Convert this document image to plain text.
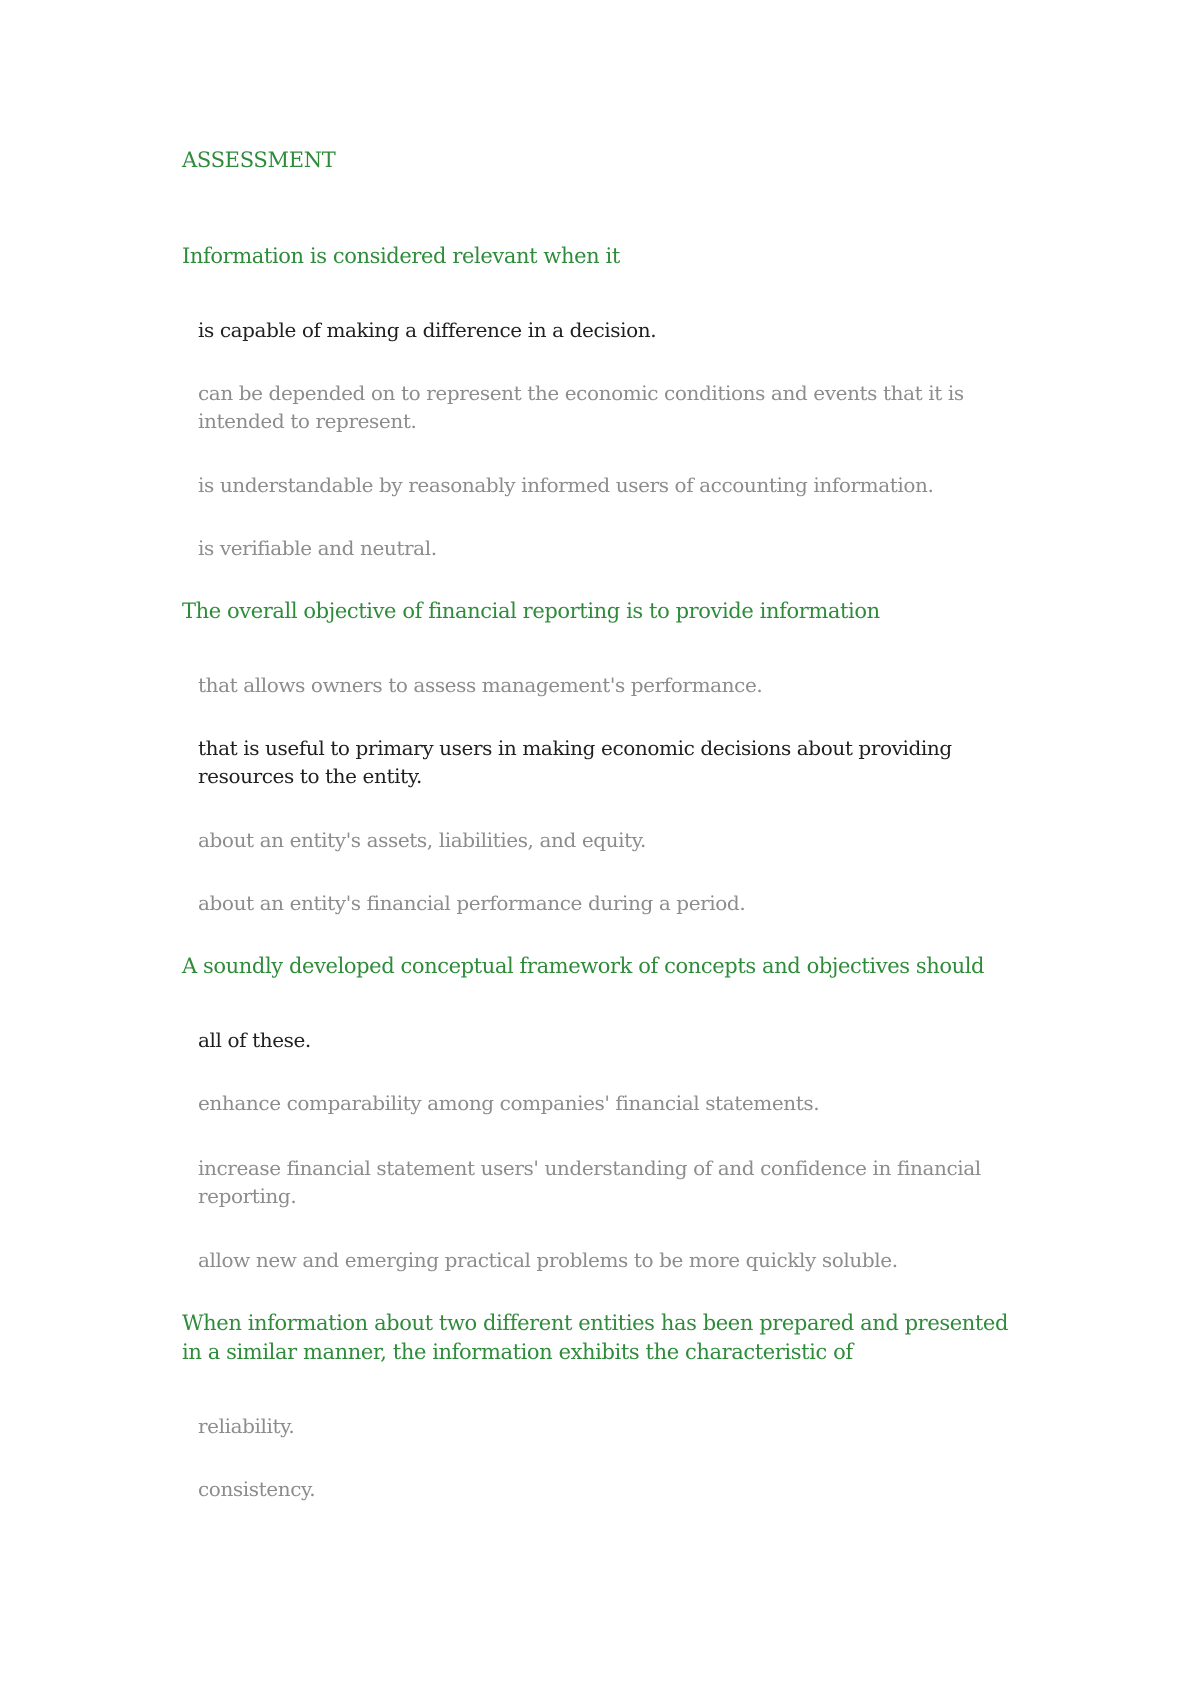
ASSESSMENT
Information is considered relevant when it
is capable of making a difference in a decision.
can be depended on to represent the economic conditions and events that it is intended to represent.
is understandable by reasonably informed users of accounting information.
is verifiable and neutral.
The overall objective of financial reporting is to provide information
that allows owners to assess management's performance.
that is useful to primary users in making economic decisions about providing resources to the entity.
about an entity's assets, liabilities, and equity.
about an entity's financial performance during a period.
A soundly developed conceptual framework of concepts and objectives should
all of these.
enhance comparability among companies' financial statements.
increase financial statement users' understanding of and confidence in financial reporting.
allow new and emerging practical problems to be more quickly soluble.
When information about two different entities has been prepared and presented in a similar manner, the information exhibits the characteristic of
reliability.
consistency.
